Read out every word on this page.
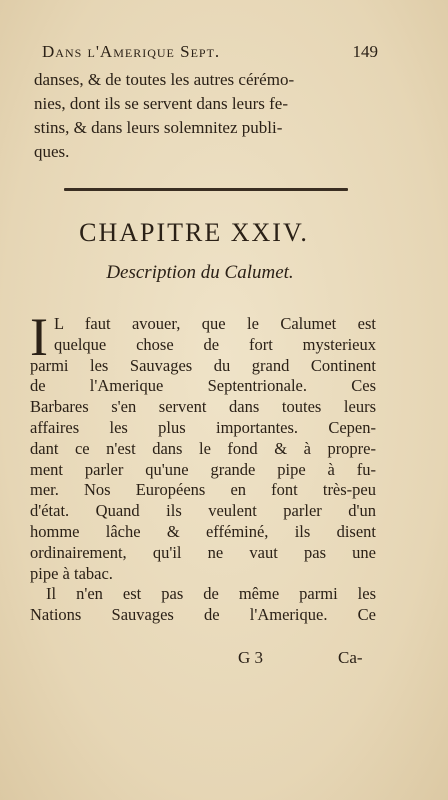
Dans l'Amerique Sept.	149
danses, & de toutes les autres cérémo-
nies, dont ils se servent dans leurs fe-
stins, & dans leurs solemnitez publi-
ques.
CHAPITRE XXIV.
Description du Calumet.
I L faut avouer, que le Calumet est
quelque chose de fort mysterieux
parmi les Sauvages du grand Continent
de l'Amerique Septentrionale. Ces
Barbares s'en servent dans toutes leurs
affaires les plus importantes. Cepen-
dant ce n'est dans le fond & à propre-
ment parler qu'une grande pipe à fu-
mer. Nos Européens en font très-peu
d'état. Quand ils veulent parler d'un
homme lâche & efféminé, ils disent
ordinairement, qu'il ne vaut pas une
pipe à tabac.
Il n'en est pas de même parmi les
Nations Sauvages de l'Amerique. Ce
G 3	Ca-
